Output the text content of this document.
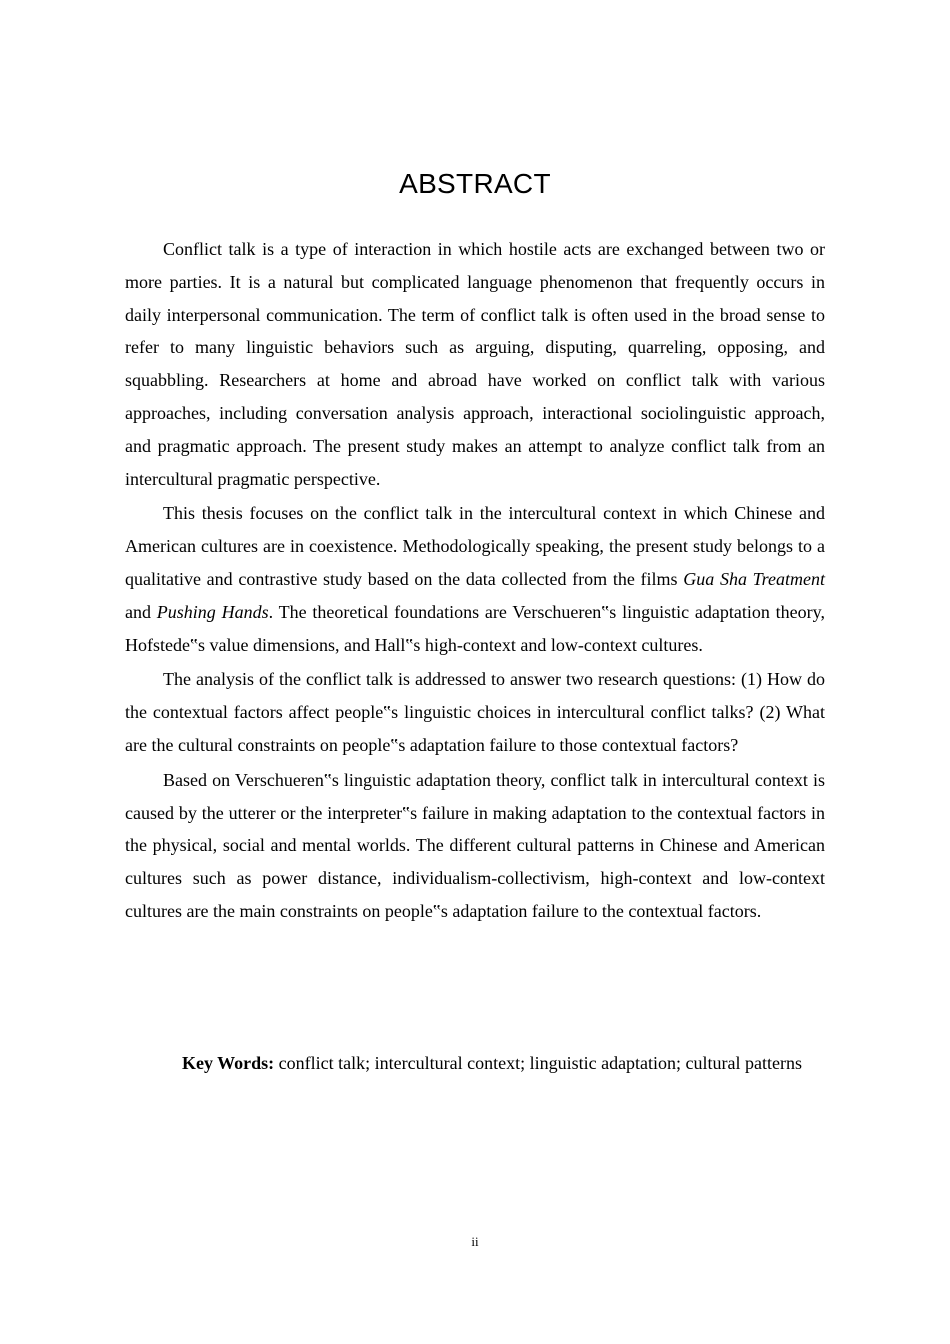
ABSTRACT

Conflict talk is a type of interaction in which hostile acts are exchanged between two or more parties. It is a natural but complicated language phenomenon that frequently occurs in daily interpersonal communication. The term of conflict talk is often used in the broad sense to refer to many linguistic behaviors such as arguing, disputing, quarreling, opposing, and squabbling. Researchers at home and abroad have worked on conflict talk with various approaches, including conversation analysis approach, interactional sociolinguistic approach, and pragmatic approach. The present study makes an attempt to analyze conflict talk from an intercultural pragmatic perspective.

This thesis focuses on the conflict talk in the intercultural context in which Chinese and American cultures are in coexistence. Methodologically speaking, the present study belongs to a qualitative and contrastive study based on the data collected from the films Gua Sha Treatment and Pushing Hands. The theoretical foundations are Verschueren‟s linguistic adaptation theory, Hofstede‟s value dimensions, and Hall‟s high-context and low-context cultures.

The analysis of the conflict talk is addressed to answer two research questions: (1) How do the contextual factors affect people‟s linguistic choices in intercultural conflict talks? (2) What are the cultural constraints on people‟s adaptation failure to those contextual factors?

Based on Verschueren‟s linguistic adaptation theory, conflict talk in intercultural context is caused by the utterer or the interpreter‟s failure in making adaptation to the contextual factors in the physical, social and mental worlds. The different cultural patterns in Chinese and American cultures such as power distance, individualism-collectivism, high-context and low-context cultures are the main constraints on people‟s adaptation failure to the contextual factors.

Key Words: conflict talk; intercultural context; linguistic adaptation; cultural patterns

ii
